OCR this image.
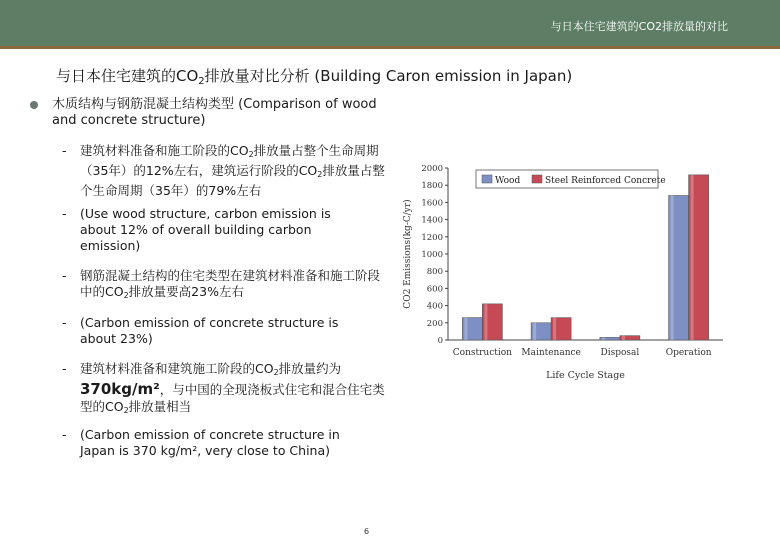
与日本住宅建筑的CO2排放量的对比
与日本住宅建筑的$CO_2$排放量对比分析 (Building Caron emission in Japan)
木质结构与钢筋混凝土结构类型 (Comparison of wood and concrete structure)
- 建筑材料准备和施工阶段的$CO_2$排放量占整个生命周期（35年）的12%左右，建筑运行阶段的$CO_2$排放量占整个生命周期（35年）的79%左右
- (Use wood structure, carbon emission is about 12% of overall building carbon emission)
- 钢筋混凝土结构的住宅类型在建筑材料准备和施工阶段中的$CO_2$排放量要高23%左右
- (Carbon emission of concrete structure is about 23%)
- 建筑材料准备和建筑施工阶段的$CO_2$排放量约为
370kg/m²，与中国的全现浇板式住宅和混合住宅类型的$CO_2$排放量相当
- (Carbon emission of concrete structure in Japan is 370 kg/m², very close to China)
0
200
400
600
800
1000
1200
1400
1600
1800
2000
CO2 Emissions(kg-C/yr)
Construction Maintenance Disposal	Operation
Life Cycle Stage
Wood	Steel Reinforced Concrete
6
